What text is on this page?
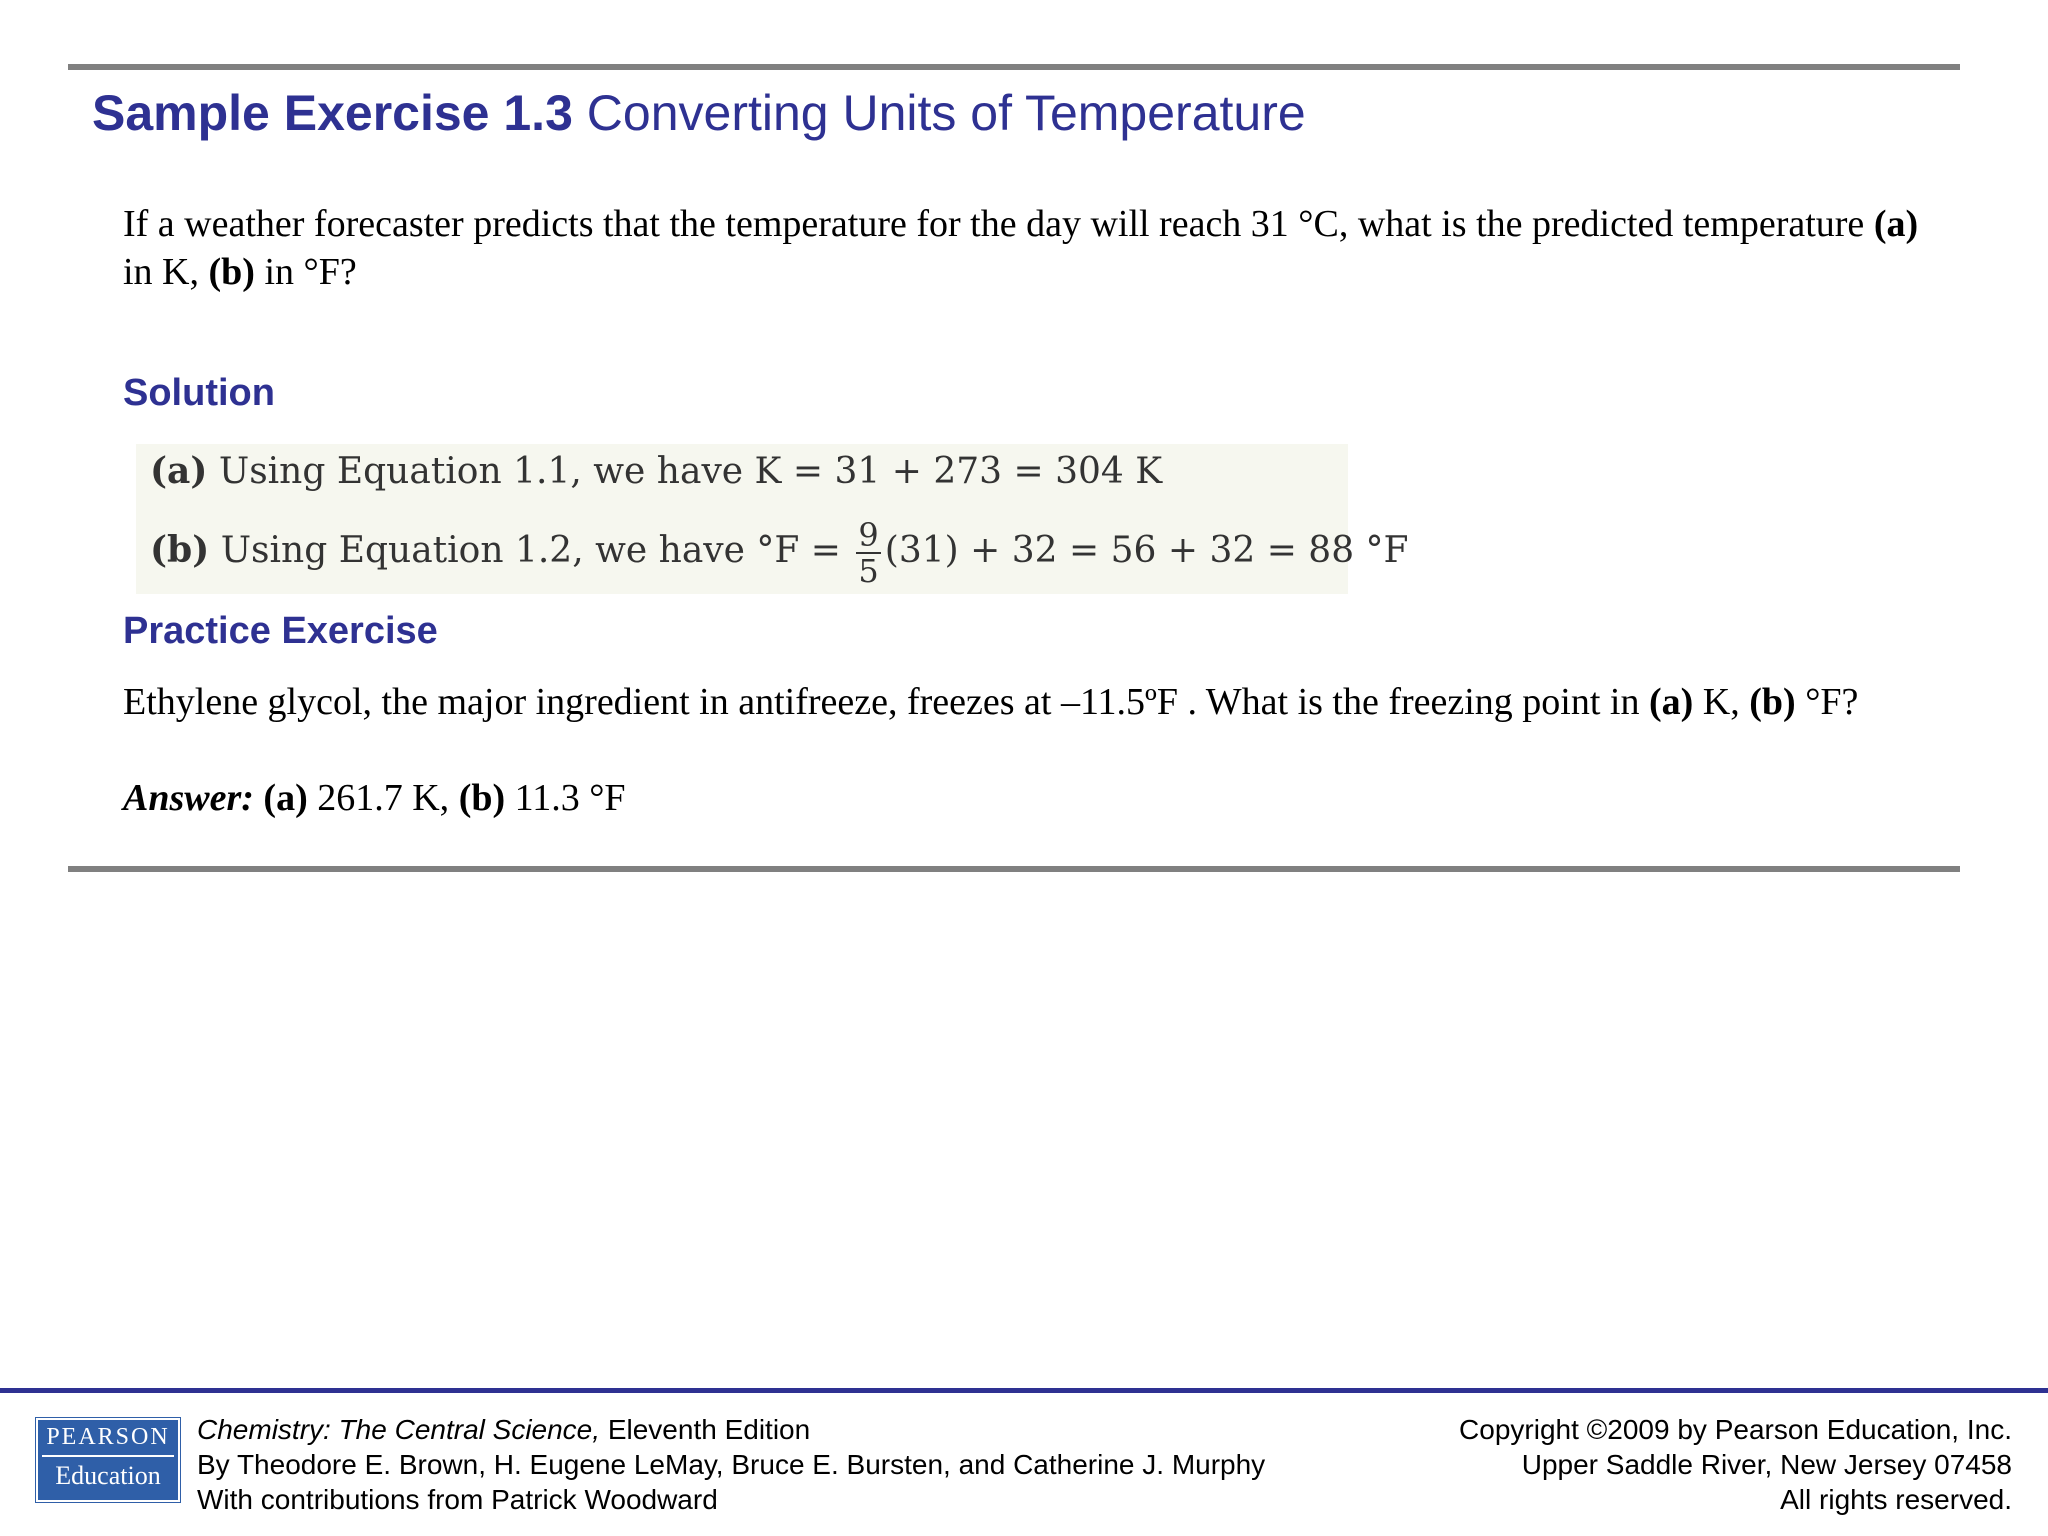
Sample Exercise 1.3 Converting Units of Temperature
If a weather forecaster predicts that the temperature for the day will reach 31 °C, what is the predicted temperature (a) in K, (b) in °F?
Solution
(a) Using Equation 1.1, we have K = 31 + 273 = 304 K
(b) Using Equation 1.2, we have $^\circ F = \frac{9}{5} (31) + 32 = 56 + 32 = 88$ °F
Practice Exercise
Ethylene glycol, the major ingredient in antifreeze, freezes at –11.5ºF . What is the freezing point in (a) K, (b) °F?
Answer: (a) 261.7 K, (b) 11.3 °F
PEARSON
Education
Chemistry: The Central Science, Eleventh Edition
By Theodore E. Brown, H. Eugene LeMay, Bruce E. Bursten, and Catherine J. Murphy
With contributions from Patrick Woodward
Copyright ©2009 by Pearson Education, Inc.
Upper Saddle River, New Jersey 07458
All rights reserved.
